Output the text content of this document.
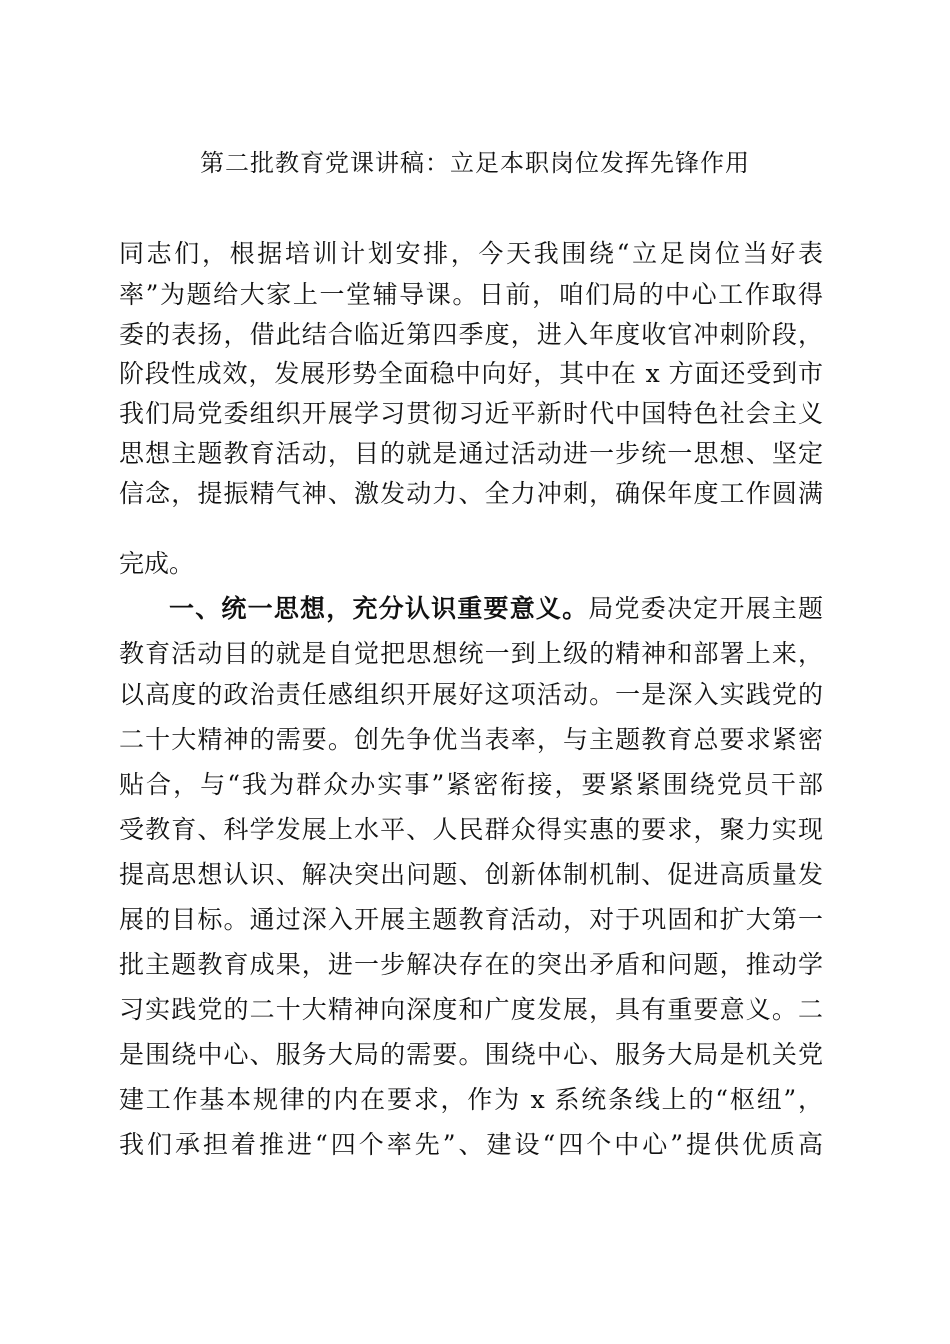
第二批教育党课讲稿：立足本职岗位发挥先锋作用
同志们，根据培训计划安排，今天我围绕“立足岗位当好表
率”为题给大家上一堂辅导课。日前，咱们局的中心工作取得
阶段性成效，发展形势全面稳中向好，其中在 x 方面还受到市
委的表扬，借此结合临近第四季度，进入年度收官冲刺阶段，
我们局党委组织开展学习贯彻习近平新时代中国特色社会主义
思想主题教育活动，目的就是通过活动进一步统一思想、坚定
信念，提振精气神、激发动力、全力冲刺，确保年度工作圆满
完成。
一、统一思想，充分认识重要意义。局党委决定开展主题
教育活动目的就是自觉把思想统一到上级的精神和部署上来，
以高度的政治责任感组织开展好这项活动。一是深入实践党的
二十大精神的需要。创先争优当表率，与主题教育总要求紧密
贴合，与“我为群众办实事”紧密衔接，要紧紧围绕党员干部
受教育、科学发展上水平、人民群众得实惠的要求，聚力实现
提高思想认识、解决突出问题、创新体制机制、促进高质量发
展的目标。通过深入开展主题教育活动，对于巩固和扩大第一
批主题教育成果，进一步解决存在的突出矛盾和问题，推动学
习实践党的二十大精神向深度和广度发展，具有重要意义。二
是围绕中心、服务大局的需要。围绕中心、服务大局是机关党
建工作基本规律的内在要求，作为 x 系统条线上的“枢纽”，
我们承担着推进“四个率先”、建设“四个中心”提供优质高
